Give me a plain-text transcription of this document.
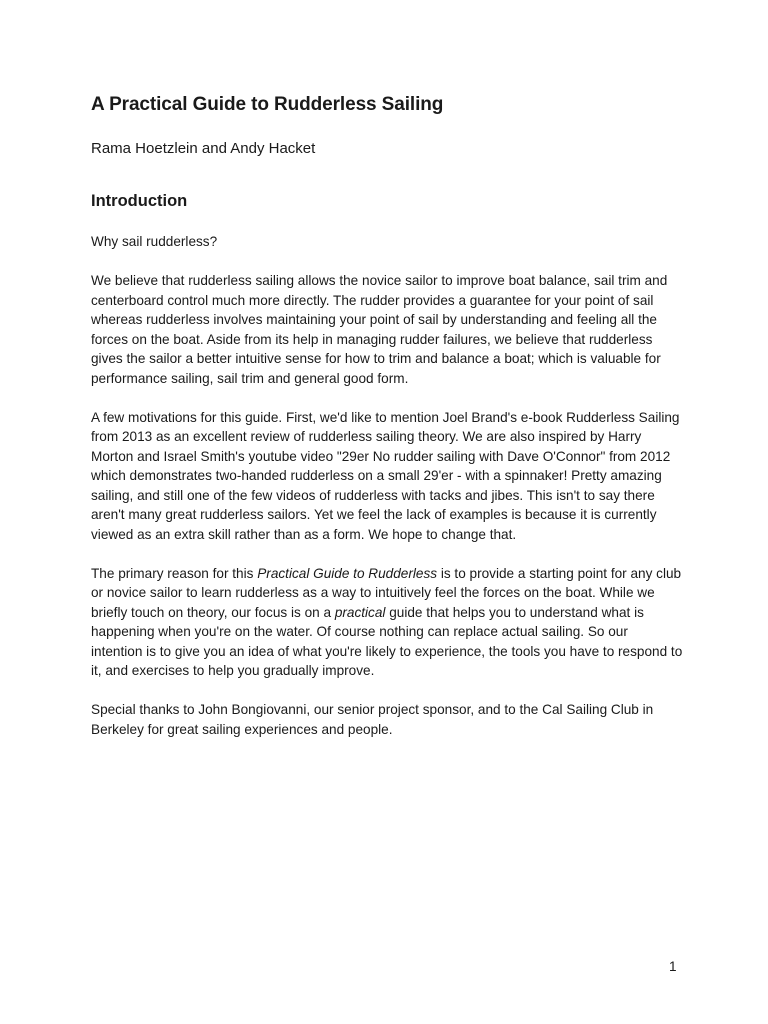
A Practical Guide to Rudderless Sailing

Rama Hoetzlein and Andy Hacket

Introduction

Why sail rudderless?

We believe that rudderless sailing allows the novice sailor to improve boat balance, sail trim and centerboard control much more directly. The rudder provides a guarantee for your point of sail whereas rudderless involves maintaining your point of sail by understanding and feeling all the forces on the boat. Aside from its help in managing rudder failures, we believe that rudderless gives the sailor a better intuitive sense for how to trim and balance a boat; which is valuable for performance sailing, sail trim and general good form.

A few motivations for this guide. First, we'd like to mention Joel Brand's e-book Rudderless Sailing from 2013 as an excellent review of rudderless sailing theory. We are also inspired by Harry Morton and Israel Smith's youtube video "29er No rudder sailing with Dave O'Connor" from 2012 which demonstrates two-handed rudderless on a small 29'er - with a spinnaker! Pretty amazing sailing, and still one of the few videos of rudderless with tacks and jibes. This isn't to say there aren't many great rudderless sailors. Yet we feel the lack of examples is because it is currently viewed as an extra skill rather than as a form. We hope to change that.

The primary reason for this Practical Guide to Rudderless is to provide a starting point for any club or novice sailor to learn rudderless as a way to intuitively feel the forces on the boat. While we briefly touch on theory, our focus is on a practical guide that helps you to understand what is happening when you're on the water. Of course nothing can replace actual sailing. So our intention is to give you an idea of what you're likely to experience, the tools you have to respond to it, and exercises to help you gradually improve.

Special thanks to John Bongiovanni, our senior project sponsor, and to the Cal Sailing Club in Berkeley for great sailing experiences and people.

1
